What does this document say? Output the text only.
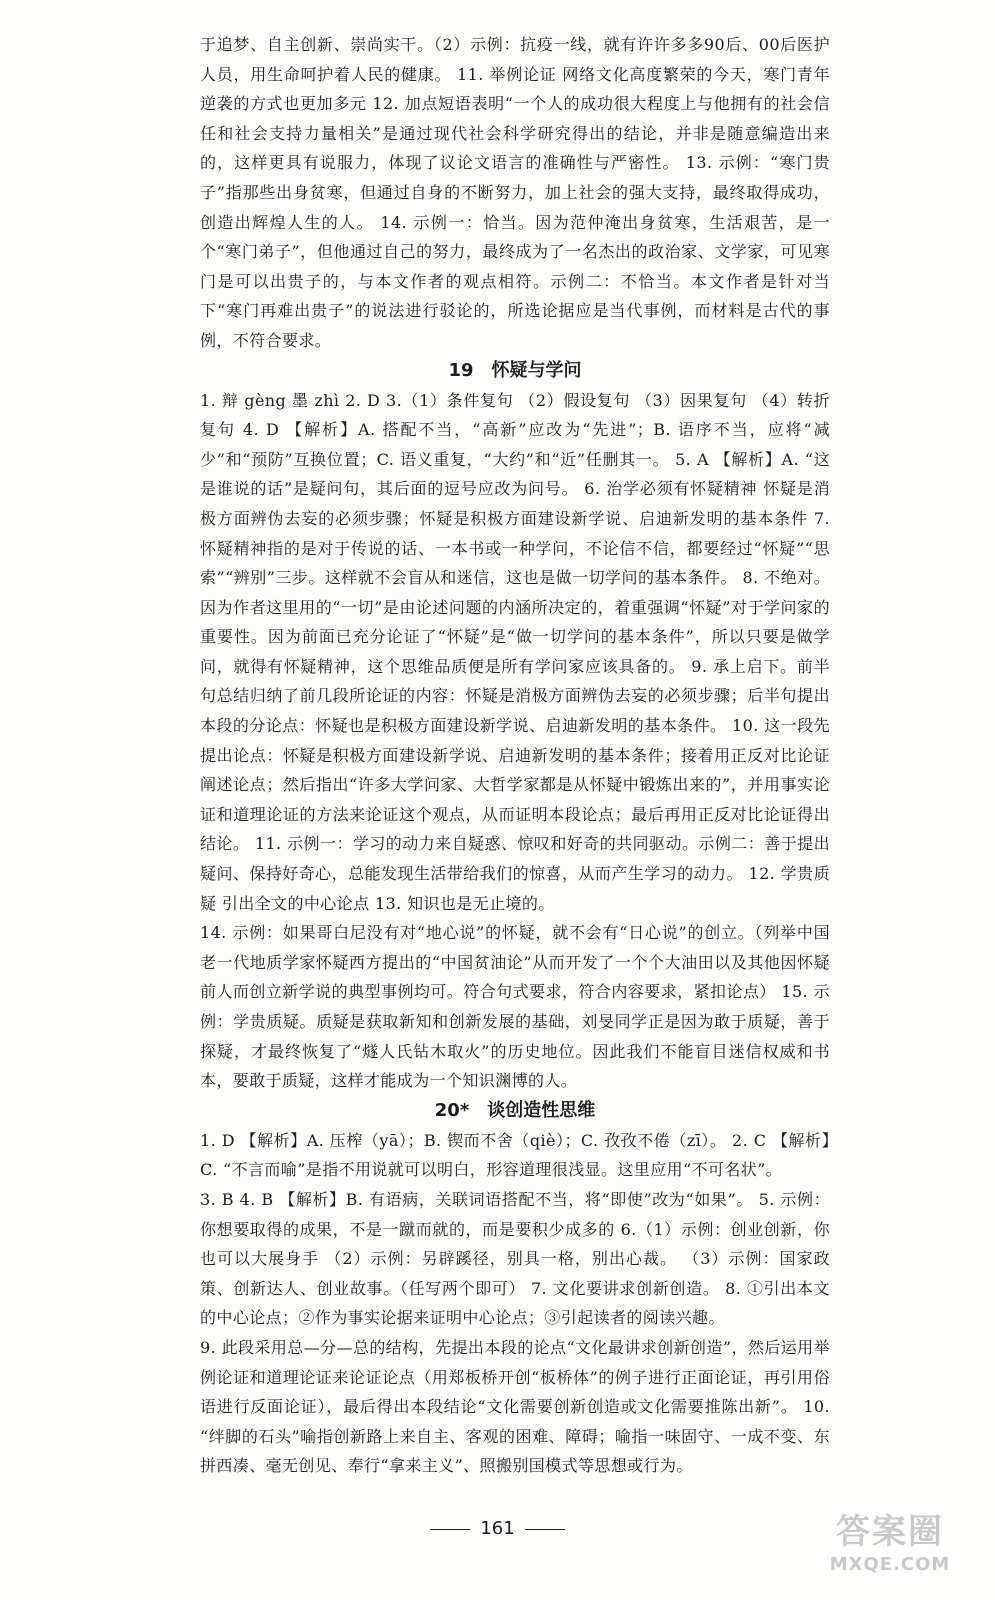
于追梦、自主创新、崇尚实干。（2）示例：抗疫一线，就有许许多多90后、00后医护人员，用生命呵护着人民的健康。 11. 举例论证 网络文化高度繁荣的今天，寒门青年逆袭的方式也更加多元 12. 加点短语表明“一个人的成功很大程度上与他拥有的社会信任和社会支持力量相关”是通过现代社会科学研究得出的结论，并非是随意编造出来的，这样更具有说服力，体现了议论文语言的准确性与严密性。 13. 示例：“寒门贵子”指那些出身贫寒，但通过自身的不断努力，加上社会的强大支持，最终取得成功，创造出辉煌人生的人。 14. 示例一：恰当。因为范仲淹出身贫寒，生活艰苦，是一个“寒门弟子”，但他通过自己的努力，最终成为了一名杰出的政治家、文学家，可见寒门是可以出贵子的，与本文作者的观点相符。示例二：不恰当。本文作者是针对当下“寒门再难出贵子”的说法进行驳论的，所选论据应是当代事例，而材料是古代的事例，不符合要求。

19 怀疑与学问

1. 辩 gèng 墨 zhì 2. D 3.（1）条件复句 （2）假设复句 （3）因果复句 （4）转折复句 4. D 【解析】A. 搭配不当，“高新”应改为“先进”；B. 语序不当，应将“减少”和“预防”互换位置；C. 语义重复，“大约”和“近”任删其一。 5. A 【解析】A. “这是谁说的话”是疑问句，其后面的逗号应改为问号。 6. 治学必须有怀疑精神 怀疑是消极方面辨伪去妄的必须步骤；怀疑是积极方面建设新学说、启迪新发明的基本条件 7. 怀疑精神指的是对于传说的话、一本书或一种学问，不论信不信，都要经过“怀疑”“思索”“辨别”三步。这样就不会盲从和迷信，这也是做一切学问的基本条件。 8. 不绝对。因为作者这里用的“一切”是由论述问题的内涵所决定的，着重强调“怀疑”对于学问家的重要性。因为前面已充分论证了“怀疑”是“做一切学问的基本条件”，所以只要是做学问，就得有怀疑精神，这个思维品质便是所有学问家应该具备的。 9. 承上启下。前半句总结归纳了前几段所论证的内容：怀疑是消极方面辨伪去妄的必须步骤；后半句提出本段的分论点：怀疑也是积极方面建设新学说、启迪新发明的基本条件。 10. 这一段先提出论点：怀疑是积极方面建设新学说、启迪新发明的基本条件；接着用正反对比论证阐述论点；然后指出“许多大学问家、大哲学家都是从怀疑中锻炼出来的”，并用事实论证和道理论证的方法来论证这个观点，从而证明本段论点；最后再用正反对比论证得出结论。 11. 示例一：学习的动力来自疑惑、惊叹和好奇的共同驱动。示例二：善于提出疑问、保持好奇心，总能发现生活带给我们的惊喜，从而产生学习的动力。 12. 学贵质疑 引出全文的中心论点 13. 知识也是无止境的。

14. 示例：如果哥白尼没有对“地心说”的怀疑，就不会有“日心说”的创立。（列举中国老一代地质学家怀疑西方提出的“中国贫油论”从而开发了一个个大油田以及其他因怀疑前人而创立新学说的典型事例均可。符合句式要求，符合内容要求，紧扣论点） 15. 示例：学贵质疑。质疑是获取新知和创新发展的基础，刘旻同学正是因为敢于质疑，善于探疑，才最终恢复了“燧人氏钻木取火”的历史地位。因此我们不能盲目迷信权威和书本，要敢于质疑，这样才能成为一个知识渊博的人。

20* 谈创造性思维

1. D 【解析】A. 压榨（yā）；B. 锲而不舍（qiè）；C. 孜孜不倦（zī）。 2. C 【解析】C. “不言而喻”是指不用说就可以明白，形容道理很浅显。这里应用“不可名状”。

3. B 4. B 【解析】B. 有语病，关联词语搭配不当，将“即使”改为“如果”。 5. 示例：你想要取得的成果，不是一蹴而就的，而是要积少成多的 6.（1）示例：创业创新，你也可以大展身手 （2）示例：另辟蹊径，别具一格，别出心裁。 （3）示例：国家政策、创新达人、创业故事。（任写两个即可） 7. 文化要讲求创新创造。 8. ①引出本文的中心论点；②作为事实论据来证明中心论点；③引起读者的阅读兴趣。

9. 此段采用总—分—总的结构，先提出本段的论点“文化最讲求创新创造”，然后运用举例论证和道理论证来论证论点（用郑板桥开创“板桥体”的例子进行正面论证，再引用俗语进行反面论证），最后得出本段结论“文化需要创新创造或文化需要推陈出新”。 10. “绊脚的石头”喻指创新路上来自主、客观的困难、障碍；喻指一味固守、一成不变、东拼西凑、毫无创见、奉行“拿来主义”、照搬别国模式等思想或行为。

161	答案圈
MXQE.COM
